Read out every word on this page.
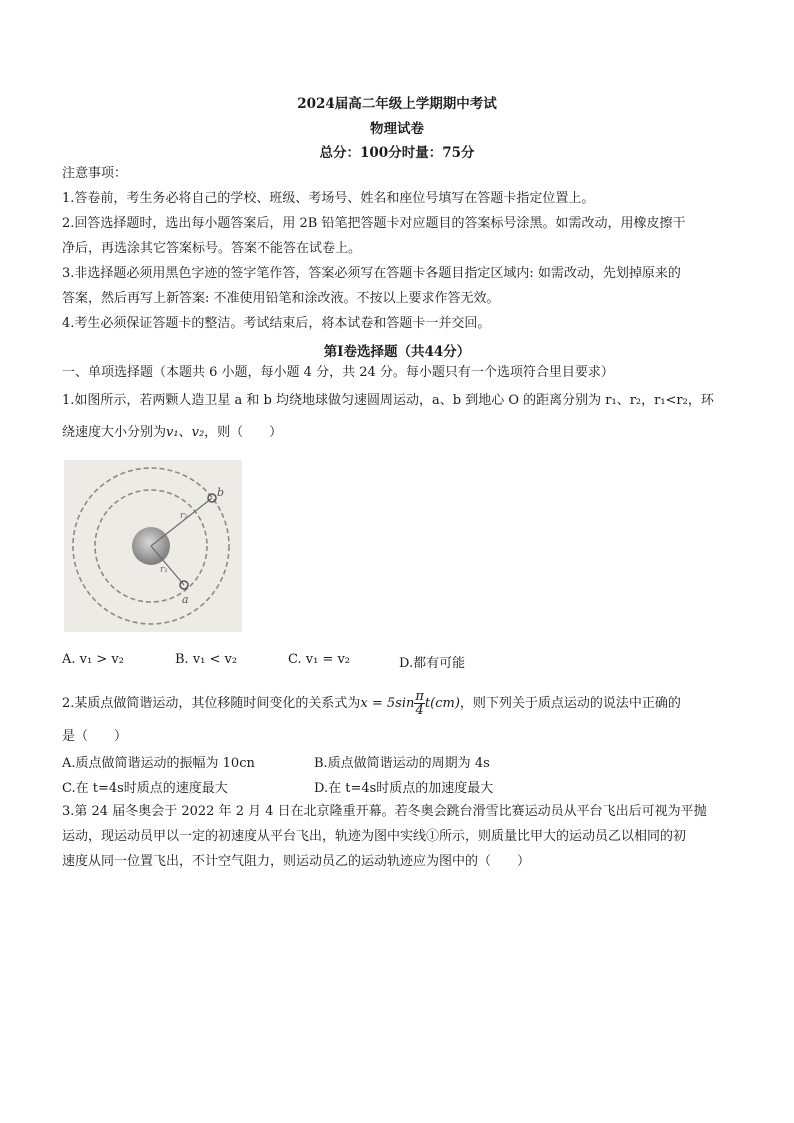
2024届高二年级上学期期中考试
物理试卷
总分：100分时量：75分
注意事项：
1.答卷前，考生务必将自己的学校、班级、考场号、姓名和座位号填写在答题卡指定位置上。
2.回答选择题时，选出每小题答案后，用 2B 铅笔把答题卡对应题目的答案标号涂黑。如需改动，用橡皮擦干
净后，再选涂其它答案标号。答案不能答在试卷上。
3.非选择题必须用黑色字迹的签字笔作答，答案必须写在答题卡各题目指定区域内: 如需改动，先划掉原来的
答案，然后再写上新答案: 不准使用铅笔和涂改液。不按以上要求作答无效。
4.考生必须保证答题卡的整洁。考试结束后，将本试卷和答题卡一并交回。
第I卷选择题（共44分）
一、单项选择题（本题共 6 小题，每小题 4 分，共 24 分。每小题只有一个选项符合里目要求）
1.如图所示，若两颗人造卫星 a 和 b 均绕地球做匀速圆周运动，a、b 到地心 O 的距离分别为 r₁、r₂，r₁<r₂，环
绕速度大小分别为v₁、v₂，则（　　）
b
a
r₁
r₂
A. v₁ > v₂	B. v₁ < v₂	C. v₁ = v₂	D.都有可能
2.某质点做简谐运动，其位移随时间变化的关系式为$x = 5\sin \frac{\pi}{4} t(cm)$，则下列关于质点运动的说法中正确的
是（　　）
A.质点做简谐运动的振幅为 10cn	B.质点做简谐运动的周期为 4s
C.在 t=4s时质点的速度最大	D.在 t=4s时质点的加速度最大
3.第 24 届冬奥会于 2022 年 2 月 4 日在北京隆重开幕。若冬奥会跳台滑雪比赛运动员从平台飞出后可视为平抛
运动，现运动员甲以一定的初速度从平台飞出，轨迹为图中实线①所示，则质量比甲大的运动员乙以相同的初
速度从同一位置飞出，不计空气阻力，则运动员乙的运动轨迹应为图中的（　　）
